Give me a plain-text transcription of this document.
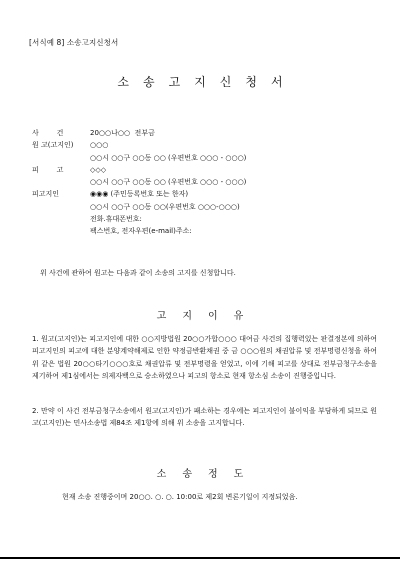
[서식예 8] 소송고지신청서
소송고지신청서
사        건	20○○나○○  전부금
원 고(고지인)	○○○
○○시 ○○구 ○○동 ○○ (우편번호 ○○○ - ○○○)
피        고	◇◇◇
○○시 ○○구 ○○동 ○○ (우편번호 ○○○ - ○○○)
피고지인	◉◉◉ (주민등록번호 또는 한자)
○○시 ○○구 ○○동 ○○(우편번호 ○○○-○○○)
전화.휴대폰번호:
팩스번호, 전자우편(e-mail)주소:
위 사건에 관하여 원고는 다음과 같이 소송의 고지를 신청합니다.
고지이유
1. 원고(고지인)는 피고지인에 대한 ○○지방법원 20○○가합○○○ 대여금 사건의 집행력있는 판결정본에 의하여 피고지인의 피고에 대한 분양계약해제로 인한 약정금반환채권 중 금 ○○○원의 채권압류 및 전부명령신청을 하여 위 같은 법원 20○○타기○○○호로 채권압류 및 전부명령을 얻었고, 이에 기해 피고를 상대로 전부금청구소송을 제기하여 제1심에서는 의제자백으로 승소하였으나 피고의 항소로 현재 항소심 소송이 진행중입니다.
2. 만약 이 사건 전부금청구소송에서 원고(고지인)가 패소하는 경우에는 피고지인이 불이익을 부담하게 되므로 원고(고지인)는 민사소송법 제84조 제1항에 의해 위 소송을 고지합니다.
소송정도
현재 소송 진행중이며 20○○. ○. ○. 10:00로 제2회 변론기일이 지정되었음.
